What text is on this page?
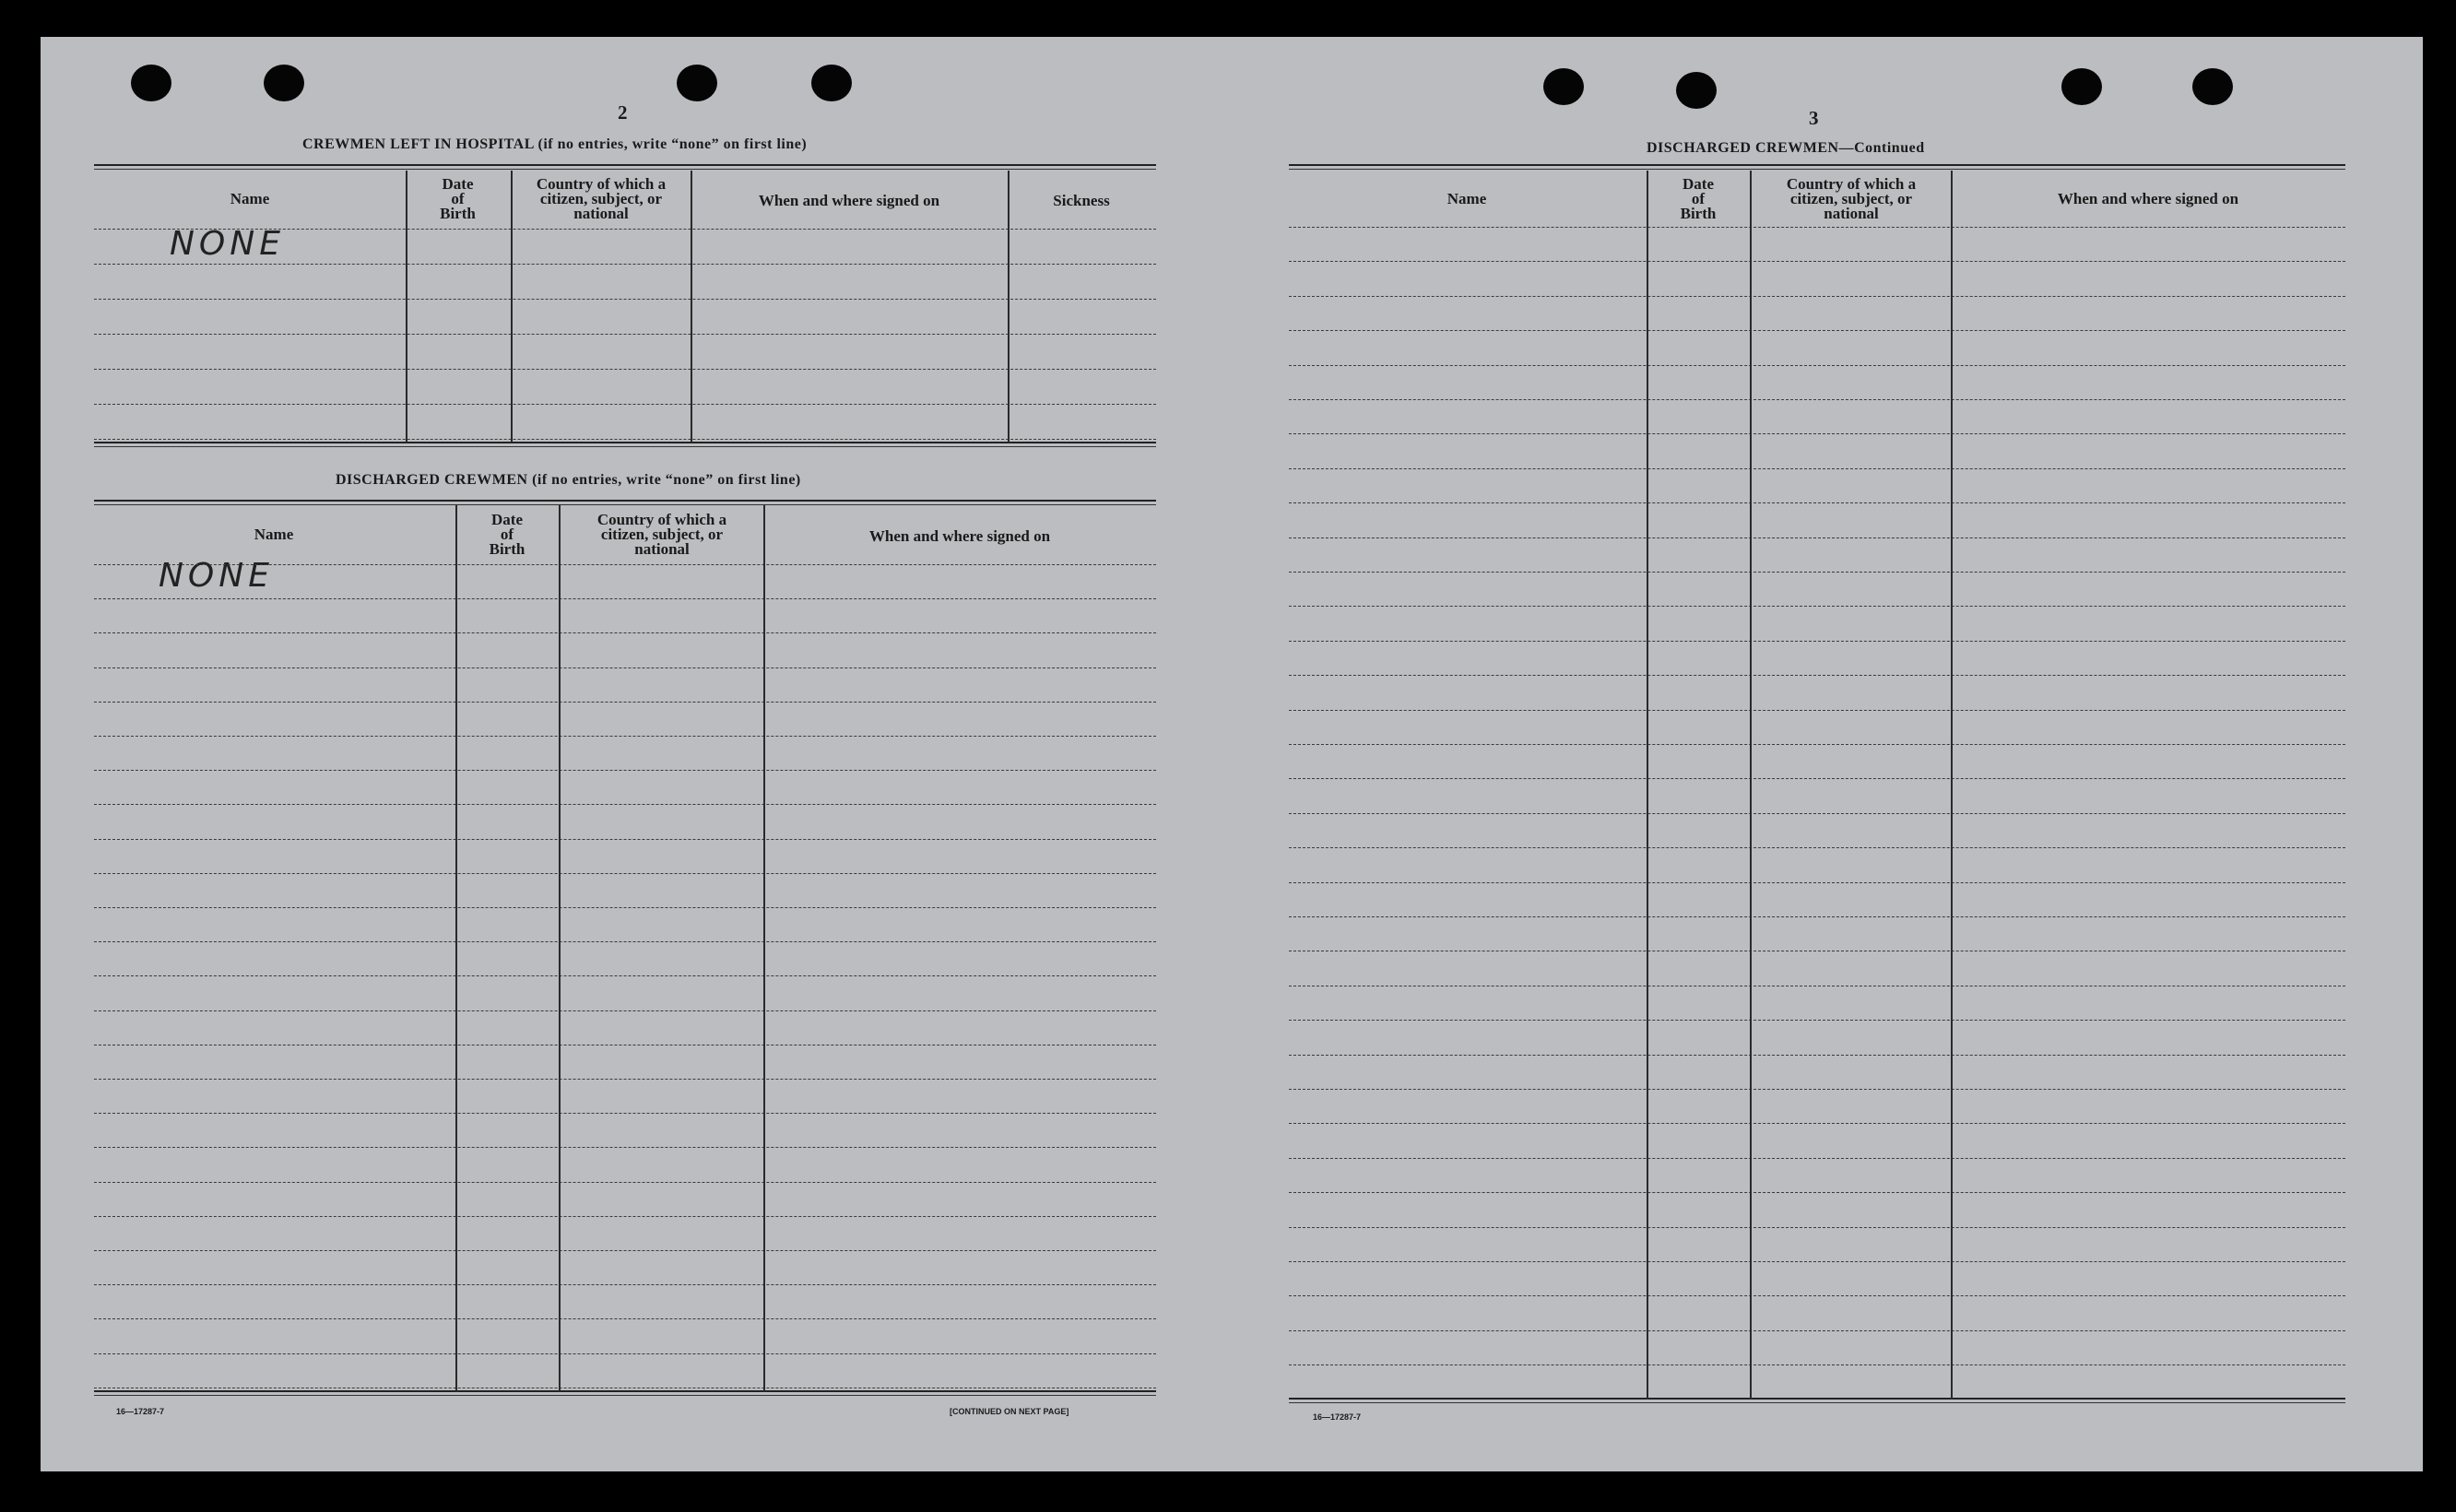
2
CREWMEN LEFT IN HOSPITAL (if no entries, write “none” on first line)
Name
Date
of
Birth
Country of which a
citizen, subject, or
national
When and where signed on	Sickness
NONE
DISCHARGED CREWMEN (if no entries, write “none” on first line)
Name
Date
of
Birth
Country of which a
citizen, subject, or
national
When and where signed on
NONE
16—17287-7	[CONTINUED ON NEXT PAGE]
3
DISCHARGED CREWMEN—Continued
Name
Date
of
Birth
Country of which a
citizen, subject, or
national
When and where signed on
16—17287-7
